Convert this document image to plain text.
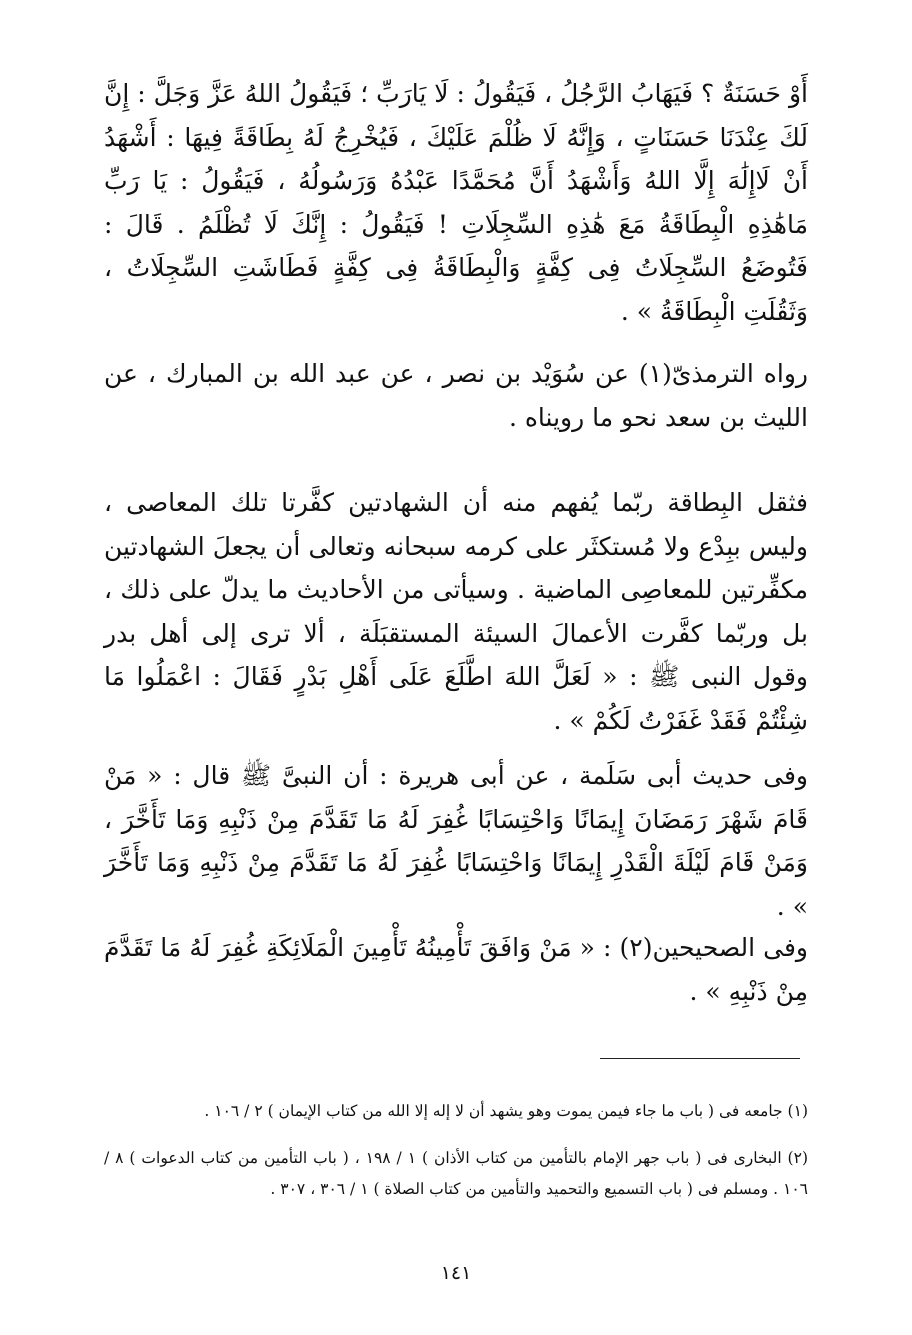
أَوْ حَسَنَةٌ ؟ فَيَهَابُ الرَّجُلُ ، فَيَقُولُ : لَا يَارَبِّ ؛ فَيَقُولُ اللهُ عَزَّ وَجَلَّ : إِنَّ لَكَ عِنْدَنَا حَسَنَاتٍ ، وَإِنَّهُ لَا ظُلْمَ عَلَيْكَ ، فَيُخْرِجُ لَهُ بِطَاقَةً فِيهَا : أَشْهَدُ أَنْ لَاإِلَٰهَ إِلَّا اللهُ وَأَشْهَدُ أَنَّ مُحَمَّدًا عَبْدُهُ وَرَسُولُهُ ، فَيَقُولُ : يَا رَبِّ مَاهَٰذِهِ الْبِطَاقَةُ مَعَ هَٰذِهِ السِّجِلَاتِ ! فَيَقُولُ : إِنَّكَ لَا تُظْلَمُ . قَالَ : فَتُوضَعُ السِّجِلَاتُ فِى كِفَّةٍ وَالْبِطَاقَةُ فِى كِفَّةٍ فَطَاشَتِ السِّجِلَاتُ ، وَثَقُلَتِ الْبِطَاقَةُ » .

رواه الترمذىّ(١) عن سُوَيْد بن نصر ، عن عبد الله بن المبارك ، عن الليث بن سعد نحو ما رويناه .

فثقل البِطاقة ربّما يُفهم منه أن الشهادتين كفَّرتا تلك المعاصى ، وليس ببِدْع ولا مُستكثَر على كرمه سبحانه وتعالى أن يجعلَ الشهادتين مكفِّرتين للمعاصِى الماضية . وسيأتى من الأحاديث ما يدلّ على ذلك ، بل وربّما كفَّرت الأعمالَ السيئة المستقبَلَة ، ألا ترى إلى أهل بدر وقول النبى ﷺ : « لَعَلَّ اللهَ اطَّلَعَ عَلَى أَهْلِ بَدْرٍ فَقَالَ : اعْمَلُوا مَا شِئْتُمْ فَقَدْ غَفَرْتُ لَكُمْ » .

وفى حديث أبى سَلَمة ، عن أبى هريرة : أن النبىَّ ﷺ قال : « مَنْ قَامَ شَهْرَ رَمَضَانَ إِيمَانًا وَاحْتِسَابًا غُفِرَ لَهُ مَا تَقَدَّمَ مِنْ ذَنْبِهِ وَمَا تَأَخَّرَ ، وَمَنْ قَامَ لَيْلَةَ الْقَدْرِ إِيمَانًا وَاحْتِسَابًا غُفِرَ لَهُ مَا تَقَدَّمَ مِنْ ذَنْبِهِ وَمَا تَأَخَّرَ » .

وفى الصحيحين(٢) : « مَنْ وَافَقَ تَأْمِينُهُ تَأْمِينَ الْمَلَائِكَةِ غُفِرَ لَهُ مَا تَقَدَّمَ مِنْ ذَنْبِهِ » .

(١) جامعه فى ( باب ما جاء فيمن يموت وهو يشهد أن لا إله إلا الله من كتاب الإيمان ) ٢ / ١٠٦ .

(٢) البخارى فى ( باب جهر الإمام بالتأمين من كتاب الأذان ) ١ / ١٩٨ ، ( باب التأمين من كتاب الدعوات ) ٨ / ١٠٦ . ومسلم فى ( باب التسميع والتحميد والتأمين من كتاب الصلاة ) ١ / ٣٠٦ ، ٣٠٧ .

١٤١
